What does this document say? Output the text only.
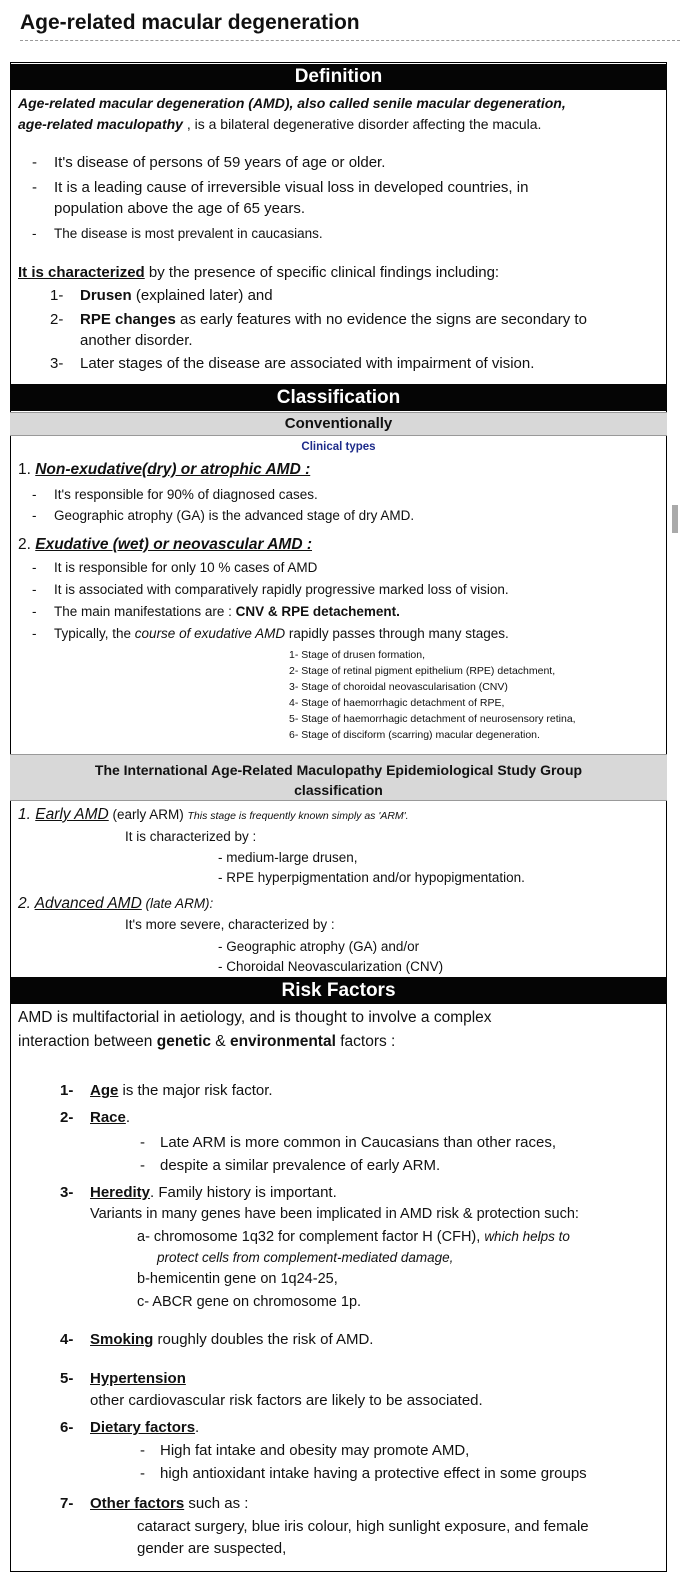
Age-related macular degeneration
Definition
Age-related macular degeneration (AMD), also called senile macular degeneration,
age-related maculopathy , is a bilateral degenerative disorder affecting the macula.
- It's disease of persons of 59 years of age or older.
- It is a leading cause of irreversible visual loss in developed countries, in
population above the age of 65 years.
- The disease is most prevalent in caucasians.
It is characterized by the presence of specific clinical findings including:
1- Drusen (explained later) and
2- RPE changes as early features with no evidence the signs are secondary to
another disorder.
3- Later stages of the disease are associated with impairment of vision.
Classification
Conventionally
Clinical types
1. Non-exudative(dry) or atrophic AMD :
- It's responsible for 90% of diagnosed cases.
- Geographic atrophy (GA) is the advanced stage of dry AMD.
2. Exudative (wet) or neovascular AMD :
- It is responsible for only 10 % cases of AMD
- It is associated with comparatively rapidly progressive marked loss of vision.
- The main manifestations are : CNV & RPE detachement.
- Typically, the course of exudative AMD rapidly passes through many stages.
1- Stage of drusen formation,
2- Stage of retinal pigment epithelium (RPE) detachment,
3- Stage of choroidal neovascularisation (CNV)
4- Stage of haemorrhagic detachment of RPE,
5- Stage of haemorrhagic detachment of neurosensory retina,
6- Stage of disciform (scarring) macular degeneration.
The International Age-Related Maculopathy Epidemiological Study Group
classification
1. Early AMD (early ARM) This stage is frequently known simply as 'ARM'.
It is characterized by :
- medium-large drusen,
- RPE hyperpigmentation and/or hypopigmentation.
2. Advanced AMD (late ARM):
It's more severe, characterized by :
- Geographic atrophy (GA) and/or
- Choroidal Neovascularization (CNV)
Risk Factors
AMD is multifactorial in aetiology, and is thought to involve a complex
interaction between genetic & environmental factors :
1- Age is the major risk factor.
2- Race.
- Late ARM is more common in Caucasians than other races,
- despite a similar prevalence of early ARM.
3- Heredity. Family history is important.
Variants in many genes have been implicated in AMD risk & protection such:
a- chromosome 1q32 for complement factor H (CFH), which helps to
protect cells from complement-mediated damage,
b-hemicentin gene on 1q24-25,
c- ABCR gene on chromosome 1p.
4- Smoking roughly doubles the risk of AMD.
5- Hypertension
other cardiovascular risk factors are likely to be associated.
6- Dietary factors.
- High fat intake and obesity may promote AMD,
- high antioxidant intake having a protective effect in some groups
7- Other factors such as :
cataract surgery, blue iris colour, high sunlight exposure, and female
gender are suspected,
